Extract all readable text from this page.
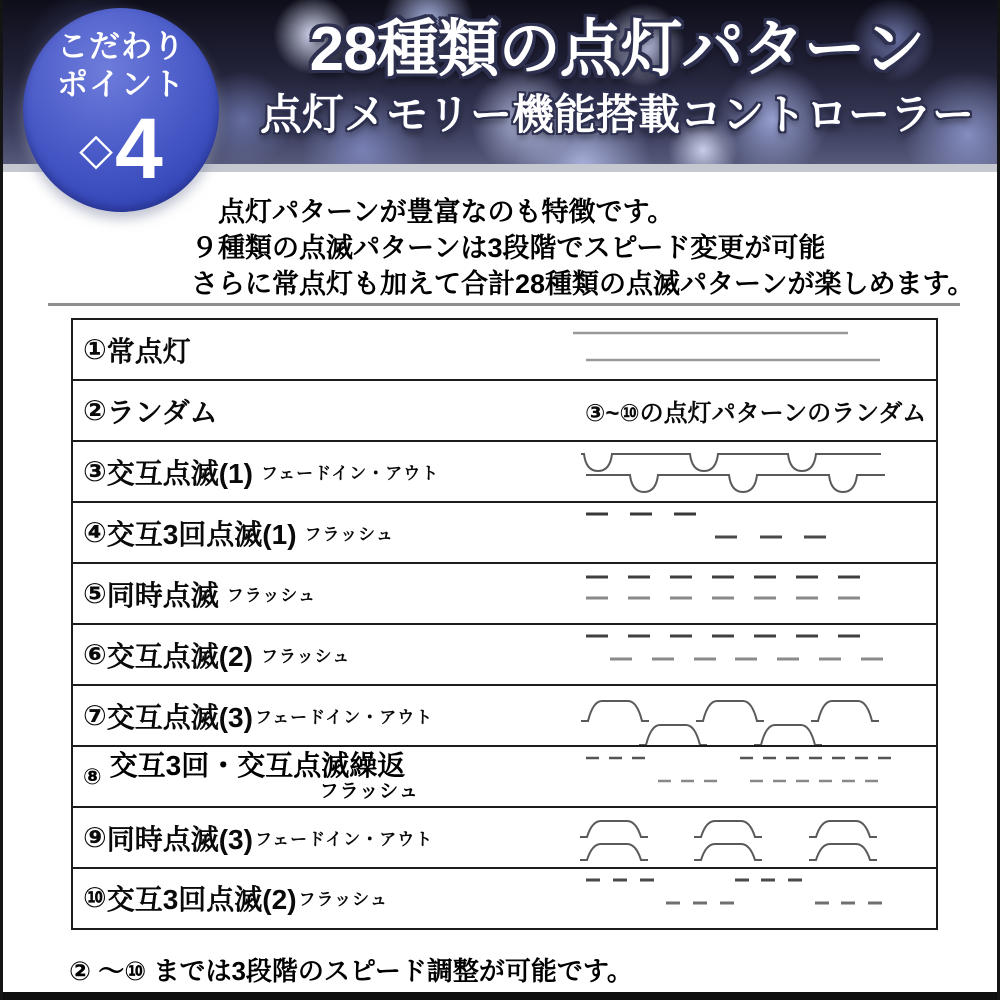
28種類の点灯パターン
点灯メモリー機能搭載コントローラー
こだわり
ポイント
◇ 4
点灯パターンが豊富なのも特徴です。
９種類の点滅パターンは3段階でスピード変更が可能
さらに常点灯も加えて合計28種類の点滅パターンが楽しめます。
① 常点灯
② ランダム	③~⑩の点灯パターンのランダム
③ 交互点滅(1) フェードイン・アウト
④ 交互3回点滅(1) フラッシュ
⑤ 同時点滅 フラッシュ
⑥ 交互点滅(2) フラッシュ
⑦ 交互点滅(3) フェードイン・アウト
⑧ 交互3回・交互点滅繰返
フラッシュ
⑨ 同時点滅(3) フェードイン・アウト
⑩ 交互3回点滅(2) フラッシュ
② ～⑩ までは3段階のスピード調整が可能です。
